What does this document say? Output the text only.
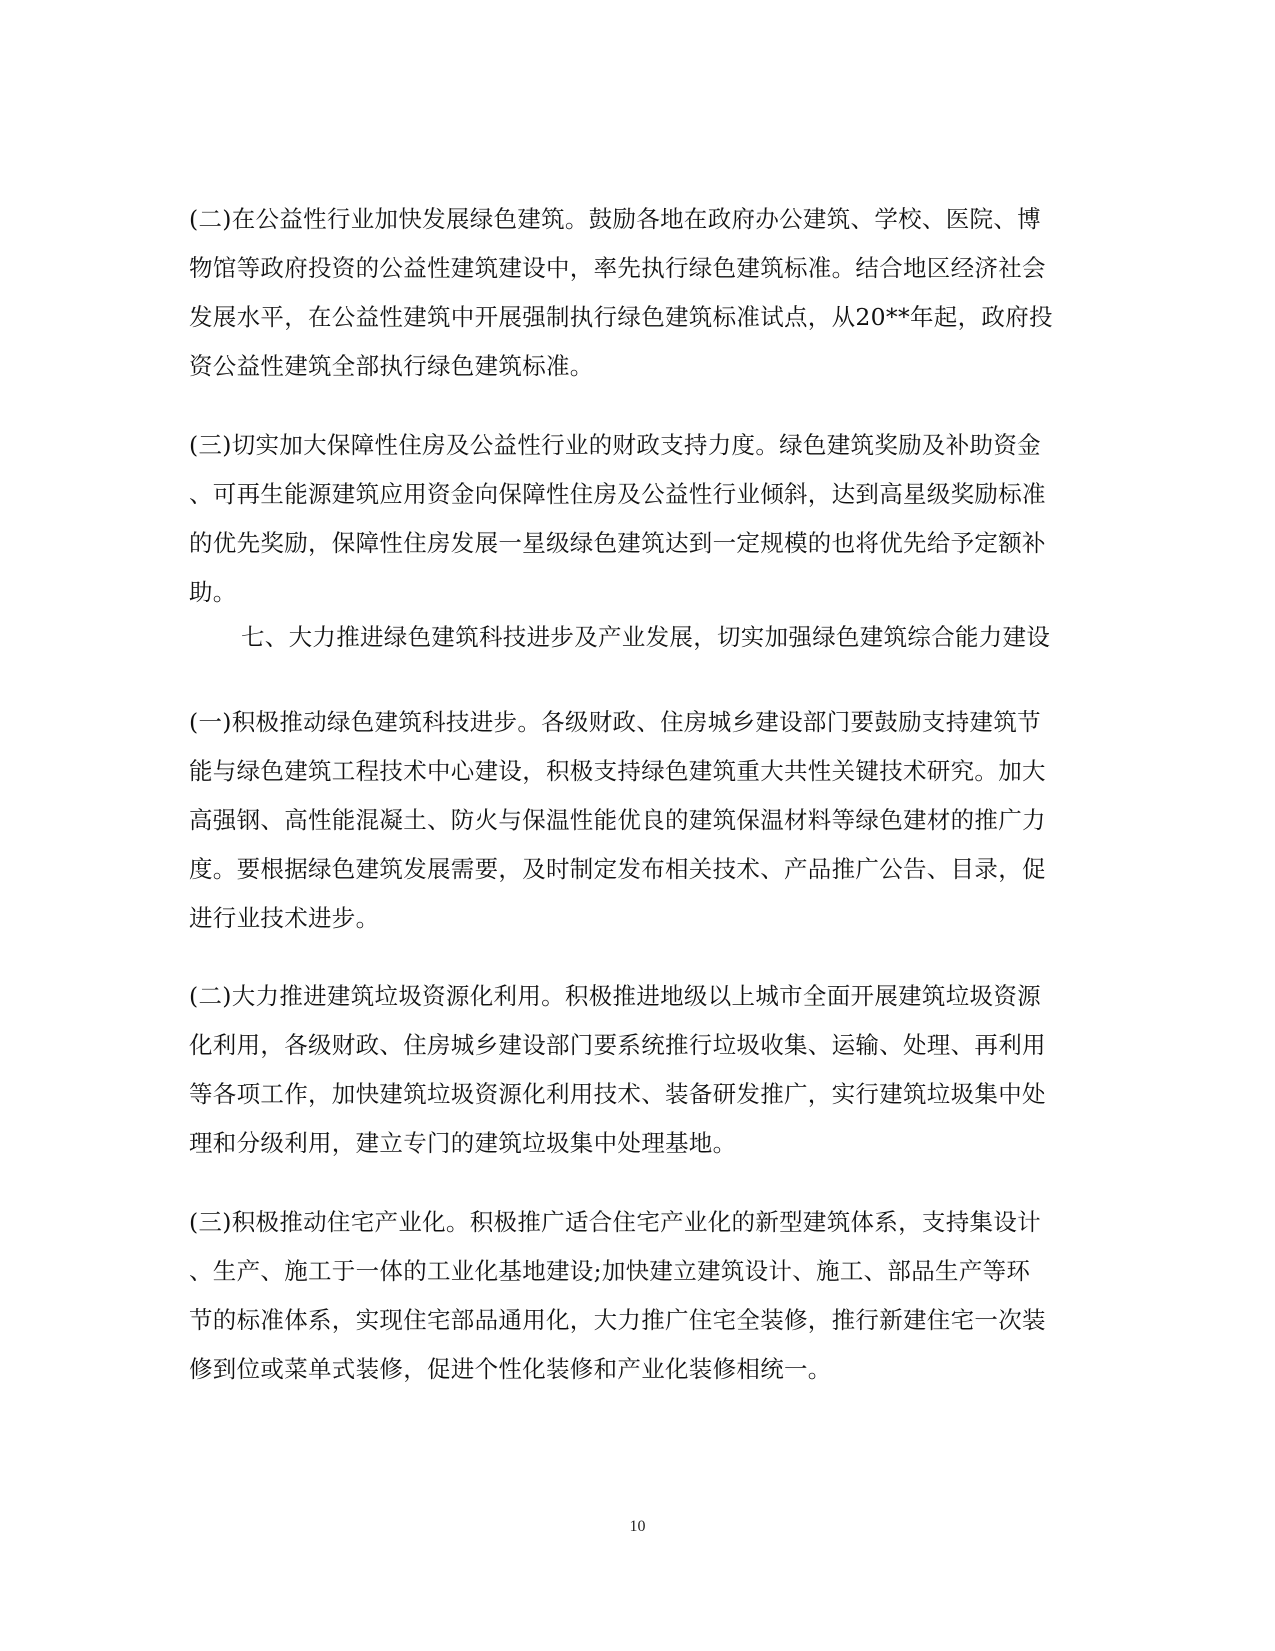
(二)在公益性行业加快发展绿色建筑。鼓励各地在政府办公建筑、学校、医院、博
物馆等政府投资的公益性建筑建设中，率先执行绿色建筑标准。结合地区经济社会
发展水平，在公益性建筑中开展强制执行绿色建筑标准试点，从20**年起，政府投
资公益性建筑全部执行绿色建筑标准。
(三)切实加大保障性住房及公益性行业的财政支持力度。绿色建筑奖励及补助资金
、可再生能源建筑应用资金向保障性住房及公益性行业倾斜，达到高星级奖励标准
的优先奖励，保障性住房发展一星级绿色建筑达到一定规模的也将优先给予定额补
助。
七、大力推进绿色建筑科技进步及产业发展，切实加强绿色建筑综合能力建设
(一)积极推动绿色建筑科技进步。各级财政、住房城乡建设部门要鼓励支持建筑节
能与绿色建筑工程技术中心建设，积极支持绿色建筑重大共性关键技术研究。加大
高强钢、高性能混凝土、防火与保温性能优良的建筑保温材料等绿色建材的推广力
度。要根据绿色建筑发展需要，及时制定发布相关技术、产品推广公告、目录，促
进行业技术进步。
(二)大力推进建筑垃圾资源化利用。积极推进地级以上城市全面开展建筑垃圾资源
化利用，各级财政、住房城乡建设部门要系统推行垃圾收集、运输、处理、再利用
等各项工作，加快建筑垃圾资源化利用技术、装备研发推广，实行建筑垃圾集中处
理和分级利用，建立专门的建筑垃圾集中处理基地。
(三)积极推动住宅产业化。积极推广适合住宅产业化的新型建筑体系，支持集设计
、生产、施工于一体的工业化基地建设;加快建立建筑设计、施工、部品生产等环
节的标准体系，实现住宅部品通用化，大力推广住宅全装修，推行新建住宅一次装
修到位或菜单式装修，促进个性化装修和产业化装修相统一。
10
